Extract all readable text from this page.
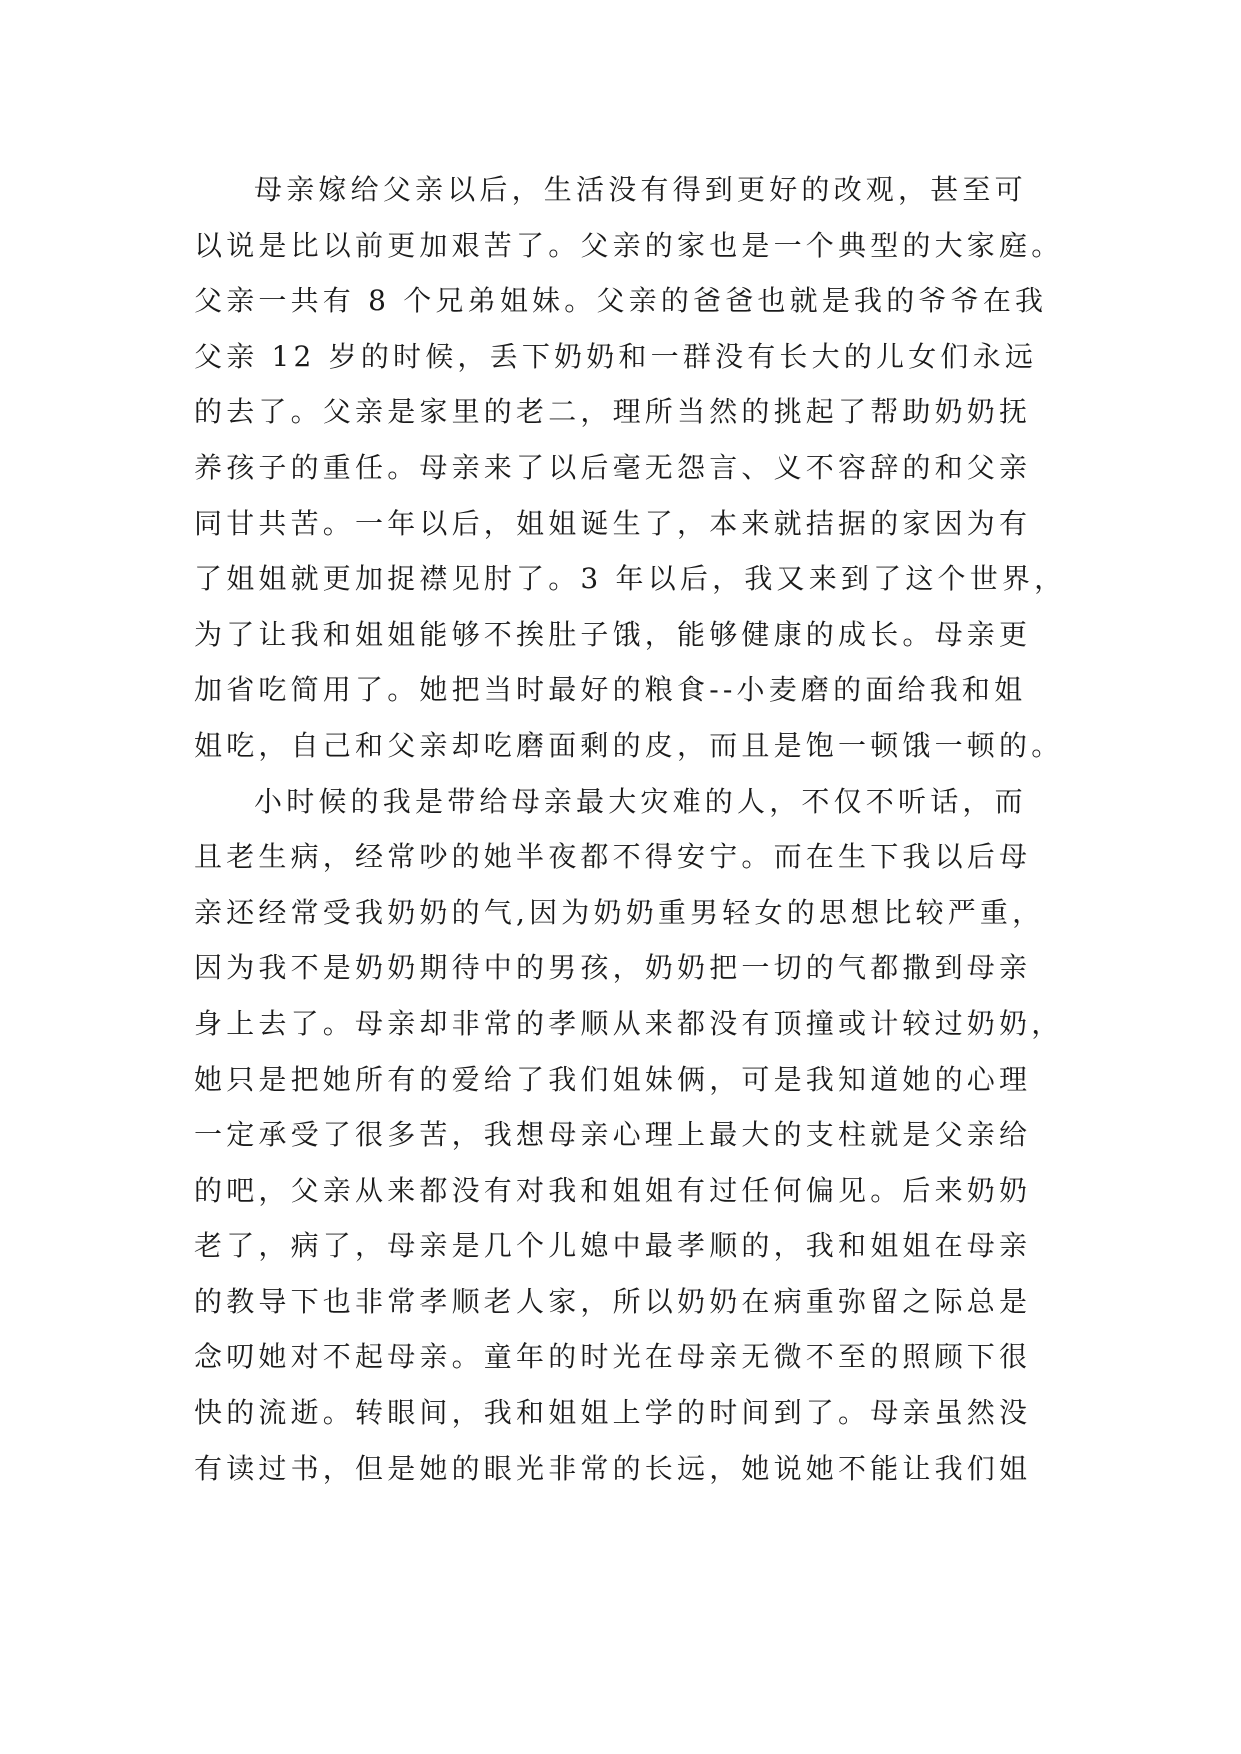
母亲嫁给父亲以后，生活没有得到更好的改观，甚至可
以说是比以前更加艰苦了。父亲的家也是一个典型的大家庭。
父亲一共有 8 个兄弟姐妹。父亲的爸爸也就是我的爷爷在我
父亲 12 岁的时候，丢下奶奶和一群没有长大的儿女们永远
的去了。父亲是家里的老二，理所当然的挑起了帮助奶奶抚
养孩子的重任。母亲来了以后毫无怨言、义不容辞的和父亲
同甘共苦。一年以后，姐姐诞生了，本来就拮据的家因为有
了姐姐就更加捉襟见肘了。3 年以后，我又来到了这个世界，
为了让我和姐姐能够不挨肚子饿，能够健康的成长。母亲更
加省吃简用了。她把当时最好的粮食--小麦磨的面给我和姐
姐吃，自己和父亲却吃磨面剩的皮，而且是饱一顿饿一顿的。
小时候的我是带给母亲最大灾难的人，不仅不听话，而
且老生病，经常吵的她半夜都不得安宁。而在生下我以后母
亲还经常受我奶奶的气,因为奶奶重男轻女的思想比较严重，
因为我不是奶奶期待中的男孩，奶奶把一切的气都撒到母亲
身上去了。母亲却非常的孝顺从来都没有顶撞或计较过奶奶，
她只是把她所有的爱给了我们姐妹俩，可是我知道她的心理
一定承受了很多苦，我想母亲心理上最大的支柱就是父亲给
的吧，父亲从来都没有对我和姐姐有过任何偏见。后来奶奶
老了，病了，母亲是几个儿媳中最孝顺的，我和姐姐在母亲
的教导下也非常孝顺老人家，所以奶奶在病重弥留之际总是
念叨她对不起母亲。童年的时光在母亲无微不至的照顾下很
快的流逝。转眼间，我和姐姐上学的时间到了。母亲虽然没
有读过书，但是她的眼光非常的长远，她说她不能让我们姐
